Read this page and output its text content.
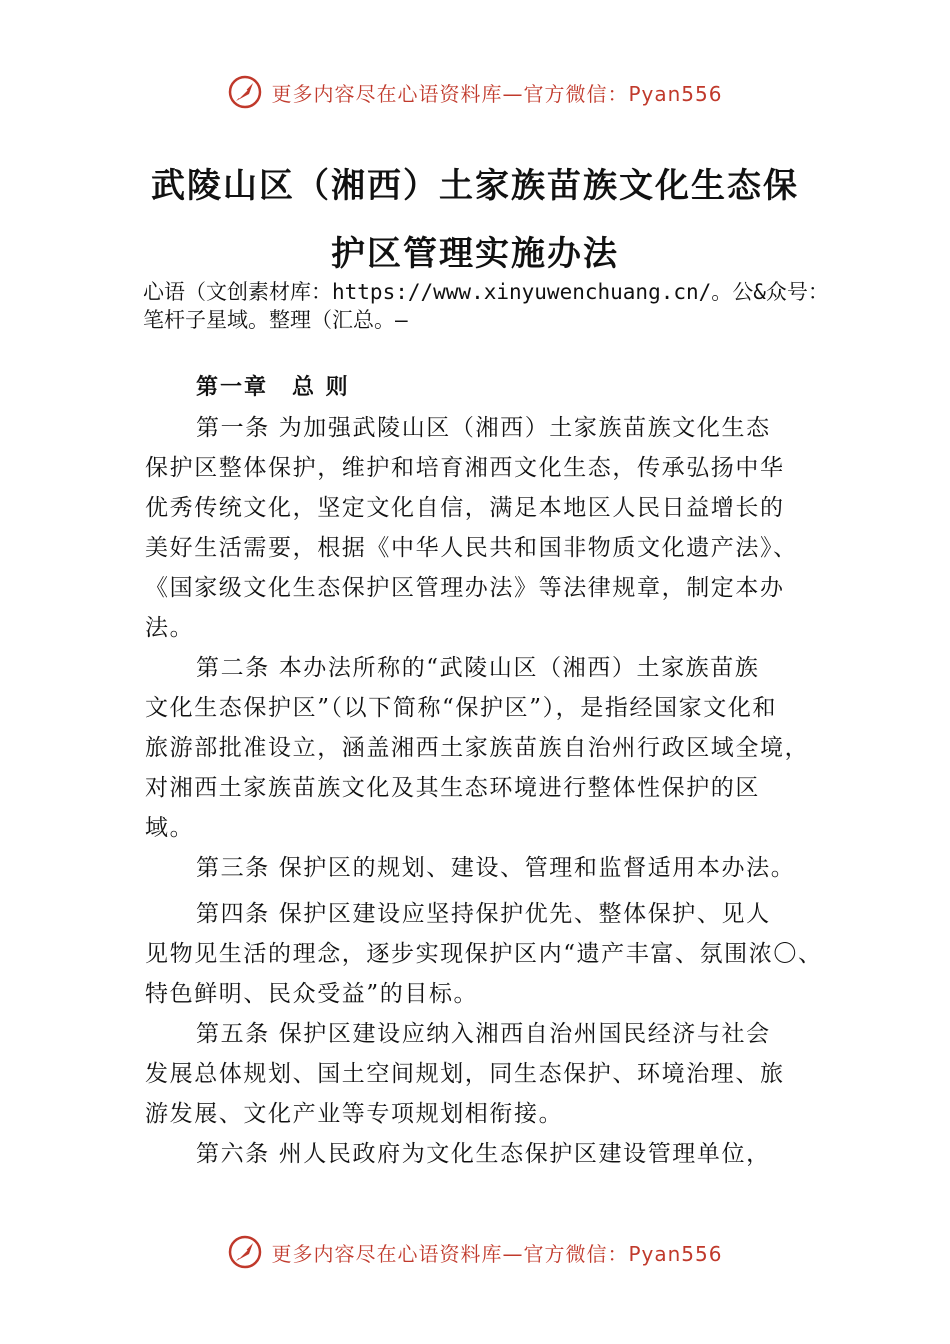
更多内容尽在心语资料库—官方微信：Pyan556
武陵山区（湘西）土家族苗族文化生态保
护区管理实施办法
心语（文创素材库：https://www.xinyuwenchuang.cn/。公&众号：笔杆子星域。整理（汇总。—
第一章　总 则
第一条 为加强武陵山区（湘西）土家族苗族文化生态
保护区整体保护，维护和培育湘西文化生态，传承弘扬中华
优秀传统文化，坚定文化自信，满足本地区人民日益增长的
美好生活需要，根据《中华人民共和国非物质文化遗产法》、
《国家级文化生态保护区管理办法》等法律规章，制定本办
法。
第二条 本办法所称的“武陵山区（湘西）土家族苗族
文化生态保护区”（以下简称“保护区”），是指经国家文化和
旅游部批准设立，涵盖湘西土家族苗族自治州行政区域全境，
对湘西土家族苗族文化及其生态环境进行整体性保护的区
域。
第三条 保护区的规划、建设、管理和监督适用本办法。
第四条 保护区建设应坚持保护优先、整体保护、见人
见物见生活的理念，逐步实现保护区内“遗产丰富、氛围浓〇、
特色鲜明、民众受益”的目标。
第五条 保护区建设应纳入湘西自治州国民经济与社会
发展总体规划、国土空间规划，同生态保护、环境治理、旅
游发展、文化产业等专项规划相衔接。
第六条 州人民政府为文化生态保护区建设管理单位，
更多内容尽在心语资料库—官方微信：Pyan556
